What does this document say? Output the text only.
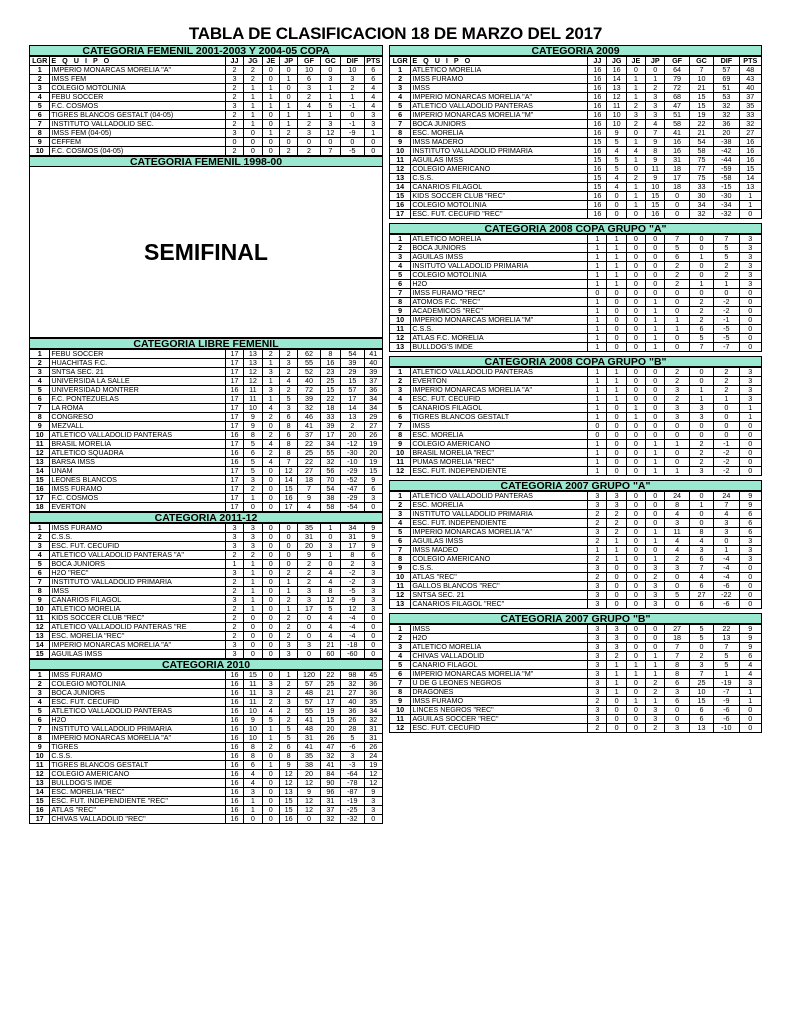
TABLA DE CLASIFICACION 18 DE MARZO DEL 2017
CATEGORIA FEMENIL 2001-2003 Y 2004-05 COPA
LGR	E Q U I P O	JJ	JG	JE	JP	GF	GC	DIF	PTS
1	IMPERIO MONARCAS MORELIA "A"	2	2	0	0	10	0	10	6
2	IMSS FEM	3	2	0	1	6	3	3	6
3	COLEGIO MOTOLINIA	2	1	1	0	3	1	2	4
4	FEBU SOCCER	2	1	1	0	2	1	1	4
5	F.C. COSMOS	3	1	1	1	4	5	-1	4
6	TIGRES BLANCOS GESTALT (04-05)	2	1	0	1	1	1	0	3
7	INSTITUTO VALLADOLID SEC.	2	1	0	1	2	3	-1	3
8	IMSS FEM (04-05)	3	0	1	2	3	12	-9	1
9	CEFFEM	0	0	0	0	0	0	0	0
10	F.C. COSMOS (04-05)	2	0	0	2	2	7	-5	0
CATEGORIA FEMENIL 1998-00
SEMIFINAL
CATEGORIA LIBRE FEMENIL
1	FEBU SOCCER	17	13	2	2	62	8	54	41
2	HUACHITAS F.C.	17	13	1	3	55	16	39	40
3	SNTSA SEC. 21	17	12	3	2	52	23	29	39
4	UNIVERSIDA LA SALLE	17	12	1	4	40	25	15	37
5	UNIVERSIDAD MONTRER	16	11	3	2	72	15	57	36
6	F.C. PONTEZUELAS	17	11	1	5	39	22	17	34
7	LA ROMA	17	10	4	3	32	18	14	34
8	CONGRESO	17	9	2	6	46	33	13	29
9	MEZVALL	17	9	0	8	41	39	2	27
10	ATLETICO VALLADOLID PANTERAS	16	8	2	6	37	17	20	26
11	BRASIL MORELIA	17	5	4	8	22	34	-12	19
12	ATLETICO SQUADRA	16	6	2	8	25	55	-30	20
13	BARSA IMSS	16	5	4	7	22	32	-10	19
14	UNAM	17	5	0	12	27	56	-29	15
15	LEONES BLANCOS	17	3	0	14	18	70	-52	9
16	IMSS FURAMO	17	2	0	15	7	54	-47	6
17	F.C. COSMOS	17	1	0	16	9	38	-29	3
18	EVERTON	17	0	0	17	4	58	-54	0
CATEGORIA 2011-12
1	IMSS FURAMO	3	3	0	0	35	1	34	9
2	C.S.S.	3	3	0	0	31	0	31	9
3	ESC. FUT. CECUFID	3	3	0	0	20	3	17	9
4	ATLETICO VALLADOLID PANTERAS "A"	2	2	0	0	9	1	8	6
5	BOCA JUNIORS	1	1	0	0	2	0	2	3
6	H2O "REC"	3	1	0	2	2	4	-2	3
7	INSTITUTO VALLADOLID PRIMARIA	2	1	0	1	2	4	-2	3
8	IMSS	2	1	0	1	3	8	-5	3
9	CANARIOS FILAGOL	3	1	0	2	3	12	-9	3
10	ATLETICO MORELIA	2	1	0	1	17	5	12	3
11	KIDS SOCCER CLUB "REC"	2	0	0	2	0	4	-4	0
12	ATLETICO VALLADOLID PANTERAS "RE	2	0	0	2	0	4	-4	0
13	ESC. MORELIA "REC"	2	0	0	2	0	4	-4	0
14	IMPERIO MONARCAS MORELIA "A"	3	0	0	3	3	21	-18	0
15	AGUILAS IMSS	3	0	0	3	0	60	-60	0
CATEGORIA 2010
1	IMSS FURAMO	16	15	0	1	120	22	98	45
2	COLEGIO MOTOLINIA	16	11	3	2	57	25	32	36
3	BOCA JUNIORS	16	11	3	2	48	21	27	36
4	ESC. FUT. CECUFID	16	11	2	3	57	17	40	35
5	ATLETICO VALLADOLID PANTERAS	16	10	4	2	55	19	36	34
6	H2O	16	9	5	2	41	15	26	32
7	INSTITUTO VALLADOLID PRIMARIA	16	10	1	5	48	20	28	31
8	IMPERIO MONARCAS MORELIA "A"	16	10	1	5	31	26	5	31
9	TIGRES	16	8	2	6	41	47	-6	26
10	C.S.S.	16	8	0	8	35	32	3	24
11	TIGRES BLANCOS GESTALT	16	6	1	9	38	41	-3	19
12	COLEGIO AMERICANO	16	4	0	12	20	84	-64	12
13	BULLDOG'S IMDE	16	4	0	12	12	90	-78	12
14	ESC. MORELIA "REC"	16	3	0	13	9	96	-87	9
15	ESC. FUT. INDEPENDIENTE "REC"	16	1	0	15	12	31	-19	3
16	ATLAS "REC"	16	1	0	15	12	37	-25	3
17	CHIVAS VALLADOLID "REC"	16	0	0	16	0	32	-32	0
CATEGORIA 2009
LGR	E Q U I P O	JJ	JG	JE	JP	GF	GC	DIF	PTS
1	ATLETICO MORELIA	16	16	0	0	64	7	57	48
2	IMSS FURAMO	16	14	1	1	79	10	69	43
3	IMSS	16	13	1	2	72	21	51	40
4	IMPERIO MONARCAS MORELIA "A"	16	12	1	3	68	15	53	37
5	ATLETICO VALLADOLID PANTERAS	16	11	2	3	47	15	32	35
6	IMPERIO MONARCAS MORELIA "M"	16	10	3	3	51	19	32	33
7	BOCA JUNIORS	16	10	2	4	58	22	36	32
8	ESC. MORELIA	16	9	0	7	41	21	20	27
9	IMSS MADERO	15	5	1	9	16	54	-38	16
10	INSTITUTO VALLADOLID PRIMARIA	16	4	4	8	16	58	-42	16
11	AGUILAS IMSS	15	5	1	9	31	75	-44	16
12	COLEGIO AMERICANO	16	5	0	11	18	77	-59	15
13	C.S.S.	15	4	2	9	17	75	-58	14
14	CANARIOS FILAGOL	15	4	1	10	18	33	-15	13
15	KIDS SOCCER CLUB "REC"	16	0	1	15	0	30	-30	1
16	COLEGIO MOTOLINIA	16	0	1	15	0	34	-34	1
17	ESC. FUT. CECUFID "REC"	16	0	0	16	0	32	-32	0
CATEGORIA 2008 COPA GRUPO "A"
1	ATLETICO MORELIA	1	1	0	0	7	0	7	3
2	BOCA JUNIORS	1	1	0	0	5	0	5	3
3	AGUILAS IMSS	1	1	0	0	6	1	5	3
4	INSITUTO VALLADOLID PRIMARIA	1	1	0	0	2	0	2	3
5	COLEGIO MOTOLINIA	1	1	0	0	2	0	2	3
6	H2O	1	1	0	0	2	1	1	3
7	IMSS FURAMO "REC"	0	0	0	0	0	0	0	0
8	ATOMOS F.C. "REC"	1	0	0	1	0	2	-2	0
9	ACADEMICOS "REC"	1	0	0	1	0	2	-2	0
10	IMPERIO MONARCAS MORELIA "M"	1	0	0	1	1	2	-1	0
11	C.S.S.	1	0	0	1	1	6	-5	0
12	ATLAS F.C. MORELIA	1	0	0	1	0	5	-5	0
13	BULLDOG'S IMDE	1	0	0	1	0	7	-7	0
CATEGORIA 2008 COPA GRUPO "B"
1	ATLETICO VALLADOLID PANTERAS	1	1	0	0	2	0	2	3
2	EVERTON	1	1	0	0	2	0	2	3
3	IMPERIO MONARCAS MORELIA "A"	1	1	0	0	3	1	2	3
4	ESC. FUT. CECUFID	1	1	0	0	2	1	1	3
5	CANARIOS FILAGOL	1	0	1	0	3	3	0	1
6	TIGRES BLANCOS GESTALT	1	0	1	0	3	3	0	1
7	IMSS	0	0	0	0	0	0	0	0
8	ESC. MORELIA	0	0	0	0	0	0	0	0
9	COLEGIO AMERICANO	1	0	0	1	1	2	-1	0
10	BRASIL MORELIA "REC"	1	0	0	1	0	2	-2	0
11	PUMAS MORELIA "REC"	1	0	0	1	0	2	-2	0
12	ESC. FUT. INDEPENDIENTE	1	0	0	1	1	3	-2	0
CATEGORIA 2007 GRUPO "A"
1	ATLETICO VALLADOLID PANTERAS	3	3	0	0	24	0	24	9
2	ESC. MORELIA	3	3	0	0	8	1	7	9
3	INSTITUTO VALLADOLID PRIMARIA	2	2	0	0	4	0	4	6
4	ESC. FUT. INDEPENDIENTE	2	2	0	0	3	0	3	6
5	IMPERIO MONARCAS MORELIA "A"	3	2	0	1	11	8	3	6
6	AGUILAS IMSS	2	1	0	1	4	4	0	3
7	IMSS MADEO	1	1	0	0	4	3	1	3
8	COLEGIO AMERICANO	2	1	0	1	2	6	-4	3
9	C.S.S.	3	0	0	3	3	7	-4	0
10	ATLAS "REC"	2	0	0	2	0	4	-4	0
11	GALLOS BLANCOS "REC"	3	0	0	3	0	6	-6	0
12	SNTSA SEC. 21	3	0	0	3	5	27	-22	0
13	CANARIOS FILAGOL "REC"	3	0	0	3	0	6	-6	0
CATEGORIA 2007 GRUPO "B"
1	IMSS	3	3	0	0	27	5	22	9
2	H2O	3	3	0	0	18	5	13	9
3	ATLETICO MORELIA	3	3	0	0	7	0	7	9
4	CHIVAS VALLADOLID	3	2	0	1	7	2	5	6
5	CANARIO FILAGOL	3	1	1	1	8	3	5	4
6	IMPERIO MONARCAS MORELIA "M"	3	1	1	1	8	7	1	4
7	U DE G LEONES NEGROS	3	1	0	2	6	25	-19	3
8	DRAGONES	3	1	0	2	3	10	-7	1
9	IMSS FURAMO	2	0	1	1	6	15	-9	1
10	LINCES NEGROS "REC"	3	0	0	3	0	6	-6	0
11	AGUILAS SOCCER "REC"	3	0	0	3	0	6	-6	0
12	ESC. FUT. CECUFID	2	0	0	2	3	13	-10	0
